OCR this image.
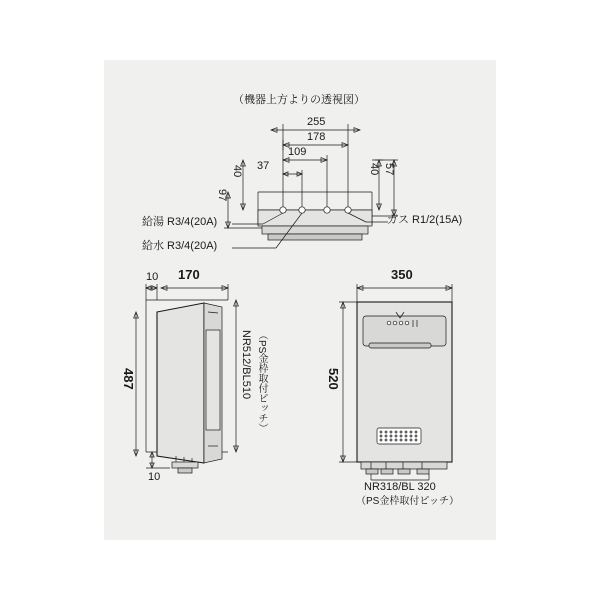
（機器上方よりの透視図）
255
178
109
37
40	40 57
97
給湯 R3/4(20A)
給水 R3/4(20A)
ガス R1/2(15A)
10 170
487
10
NR512/BL510 （PS金枠取付ピッチ）
350
520
NR318/BL 320
（PS金枠取付ピッチ）
